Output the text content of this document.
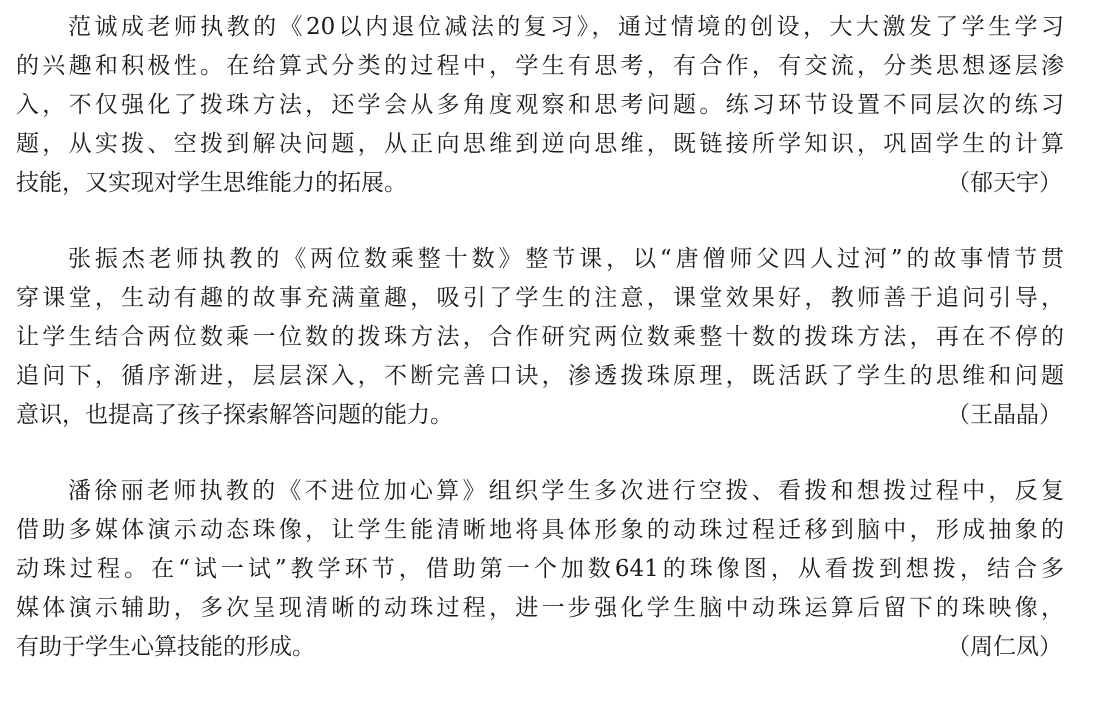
范诚成老师执教的《20以内退位减法的复习》，通过情境的创设，大大激发了学生学习
的兴趣和积极性。在给算式分类的过程中，学生有思考，有合作，有交流，分类思想逐层渗
入，不仅强化了拨珠方法，还学会从多角度观察和思考问题。练习环节设置不同层次的练习
题，从实拨、空拨到解决问题，从正向思维到逆向思维，既链接所学知识，巩固学生的计算
技能，又实现对学生思维能力的拓展。	（郁天宇）
张振杰老师执教的《两位数乘整十数》整节课，以“唐僧师父四人过河”的故事情节贯
穿课堂，生动有趣的故事充满童趣，吸引了学生的注意，课堂效果好，教师善于追问引导，
让学生结合两位数乘一位数的拨珠方法，合作研究两位数乘整十数的拨珠方法，再在不停的
追问下，循序渐进，层层深入，不断完善口诀，渗透拨珠原理，既活跃了学生的思维和问题
意识，也提高了孩子探索解答问题的能力。	（王晶晶）
潘徐丽老师执教的《不进位加心算》组织学生多次进行空拨、看拨和想拨过程中，反复
借助多媒体演示动态珠像，让学生能清晰地将具体形象的动珠过程迁移到脑中，形成抽象的
动珠过程。在“试一试”教学环节，借助第一个加数641的珠像图，从看拨到想拨，结合多
媒体演示辅助，多次呈现清晰的动珠过程，进一步强化学生脑中动珠运算后留下的珠映像，
有助于学生心算技能的形成。	（周仁凤）
